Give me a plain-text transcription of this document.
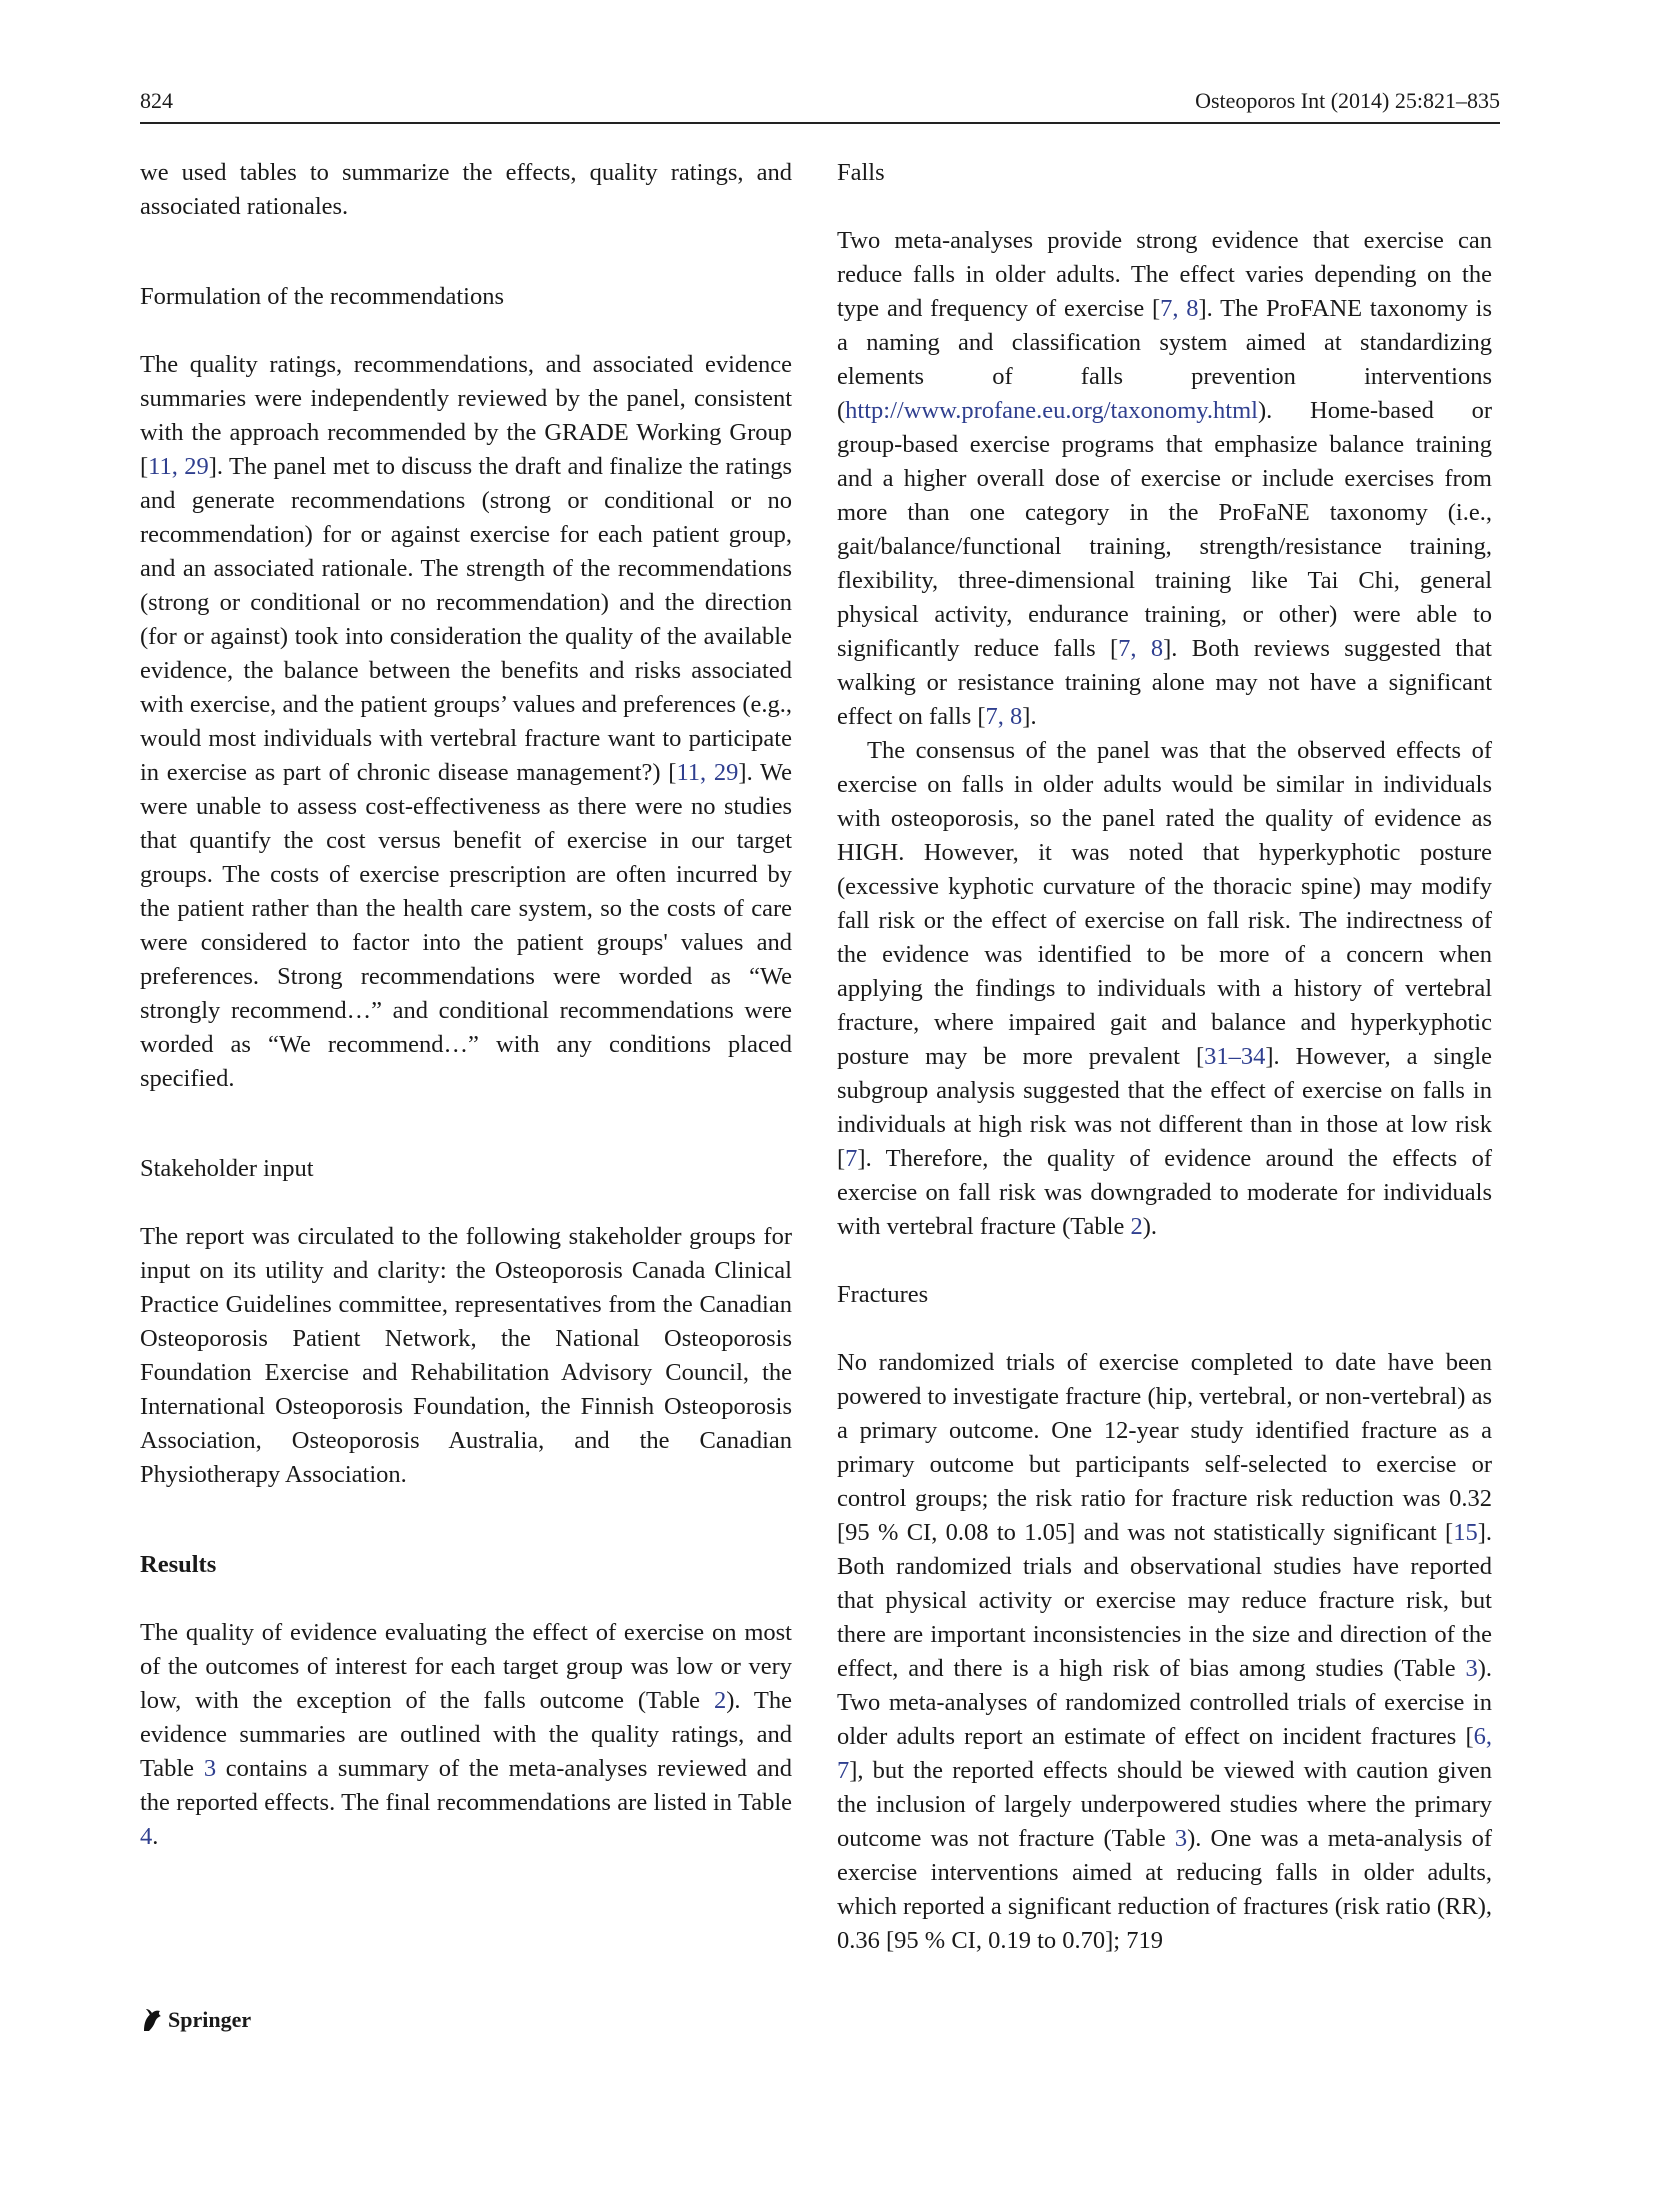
824	Osteoporos Int (2014) 25:821–835

we used tables to summarize the effects, quality ratings, and associated rationales.

Formulation of the recommendations

The quality ratings, recommendations, and associated evidence summaries were independently reviewed by the panel, consistent with the approach recommended by the GRADE Working Group [11, 29]. The panel met to discuss the draft and finalize the ratings and generate recommendations (strong or conditional or no recommendation) for or against exercise for each patient group, and an associated rationale. The strength of the recommendations (strong or conditional or no recommendation) and the direction (for or against) took into consideration the quality of the available evidence, the balance between the benefits and risks associated with exercise, and the patient groups’ values and preferences (e.g., would most individuals with vertebral fracture want to participate in exercise as part of chronic disease management?) [11, 29]. We were unable to assess cost-effectiveness as there were no studies that quantify the cost versus benefit of exercise in our target groups. The costs of exercise prescription are often incurred by the patient rather than the health care system, so the costs of care were considered to factor into the patient groups' values and preferences. Strong recommendations were worded as “We strongly recommend…” and conditional recommendations were worded as “We recommend…” with any conditions placed specified.

Stakeholder input

The report was circulated to the following stakeholder groups for input on its utility and clarity: the Osteoporosis Canada Clinical Practice Guidelines committee, representatives from the Canadian Osteoporosis Patient Network, the National Osteoporosis Foundation Exercise and Rehabilitation Advisory Council, the International Osteoporosis Foundation, the Finnish Osteoporosis Association, Osteoporosis Australia, and the Canadian Physiotherapy Association.

Results

The quality of evidence evaluating the effect of exercise on most of the outcomes of interest for each target group was low or very low, with the exception of the falls outcome (Table 2). The evidence summaries are outlined with the quality ratings, and Table 3 contains a summary of the meta-analyses reviewed and the reported effects. The final recommendations are listed in Table 4.

Falls

Two meta-analyses provide strong evidence that exercise can reduce falls in older adults. The effect varies depending on the type and frequency of exercise [7, 8]. The ProFANE taxonomy is a naming and classification system aimed at standardizing elements of falls prevention interventions (http://www.profane.eu.org/taxonomy.html). Home-based or group-based exercise programs that emphasize balance training and a higher overall dose of exercise or include exercises from more than one category in the ProFaNE taxonomy (i.e., gait/balance/functional training, strength/resistance training, flexibility, three-dimensional training like Tai Chi, general physical activity, endurance training, or other) were able to significantly reduce falls [7, 8]. Both reviews suggested that walking or resistance training alone may not have a significant effect on falls [7, 8].

The consensus of the panel was that the observed effects of exercise on falls in older adults would be similar in individuals with osteoporosis, so the panel rated the quality of evidence as HIGH. However, it was noted that hyperkyphotic posture (excessive kyphotic curvature of the thoracic spine) may modify fall risk or the effect of exercise on fall risk. The indirectness of the evidence was identified to be more of a concern when applying the findings to individuals with a history of vertebral fracture, where impaired gait and balance and hyperkyphotic posture may be more prevalent [31–34]. However, a single subgroup analysis suggested that the effect of exercise on falls in individuals at high risk was not different than in those at low risk [7]. Therefore, the quality of evidence around the effects of exercise on fall risk was downgraded to moderate for individuals with vertebral fracture (Table 2).

Fractures

No randomized trials of exercise completed to date have been powered to investigate fracture (hip, vertebral, or non-vertebral) as a primary outcome. One 12-year study identified fracture as a primary outcome but participants self-selected to exercise or control groups; the risk ratio for fracture risk reduction was 0.32 [95 % CI, 0.08 to 1.05] and was not statistically significant [15]. Both randomized trials and observational studies have reported that physical activity or exercise may reduce fracture risk, but there are important inconsistencies in the size and direction of the effect, and there is a high risk of bias among studies (Table 3). Two meta-analyses of randomized controlled trials of exercise in older adults report an estimate of effect on incident fractures [6, 7], but the reported effects should be viewed with caution given the inclusion of largely underpowered studies where the primary outcome was not fracture (Table 3). One was a meta-analysis of exercise interventions aimed at reducing falls in older adults, which reported a significant reduction of fractures (risk ratio (RR), 0.36 [95 % CI, 0.19 to 0.70]; 719

Springer
